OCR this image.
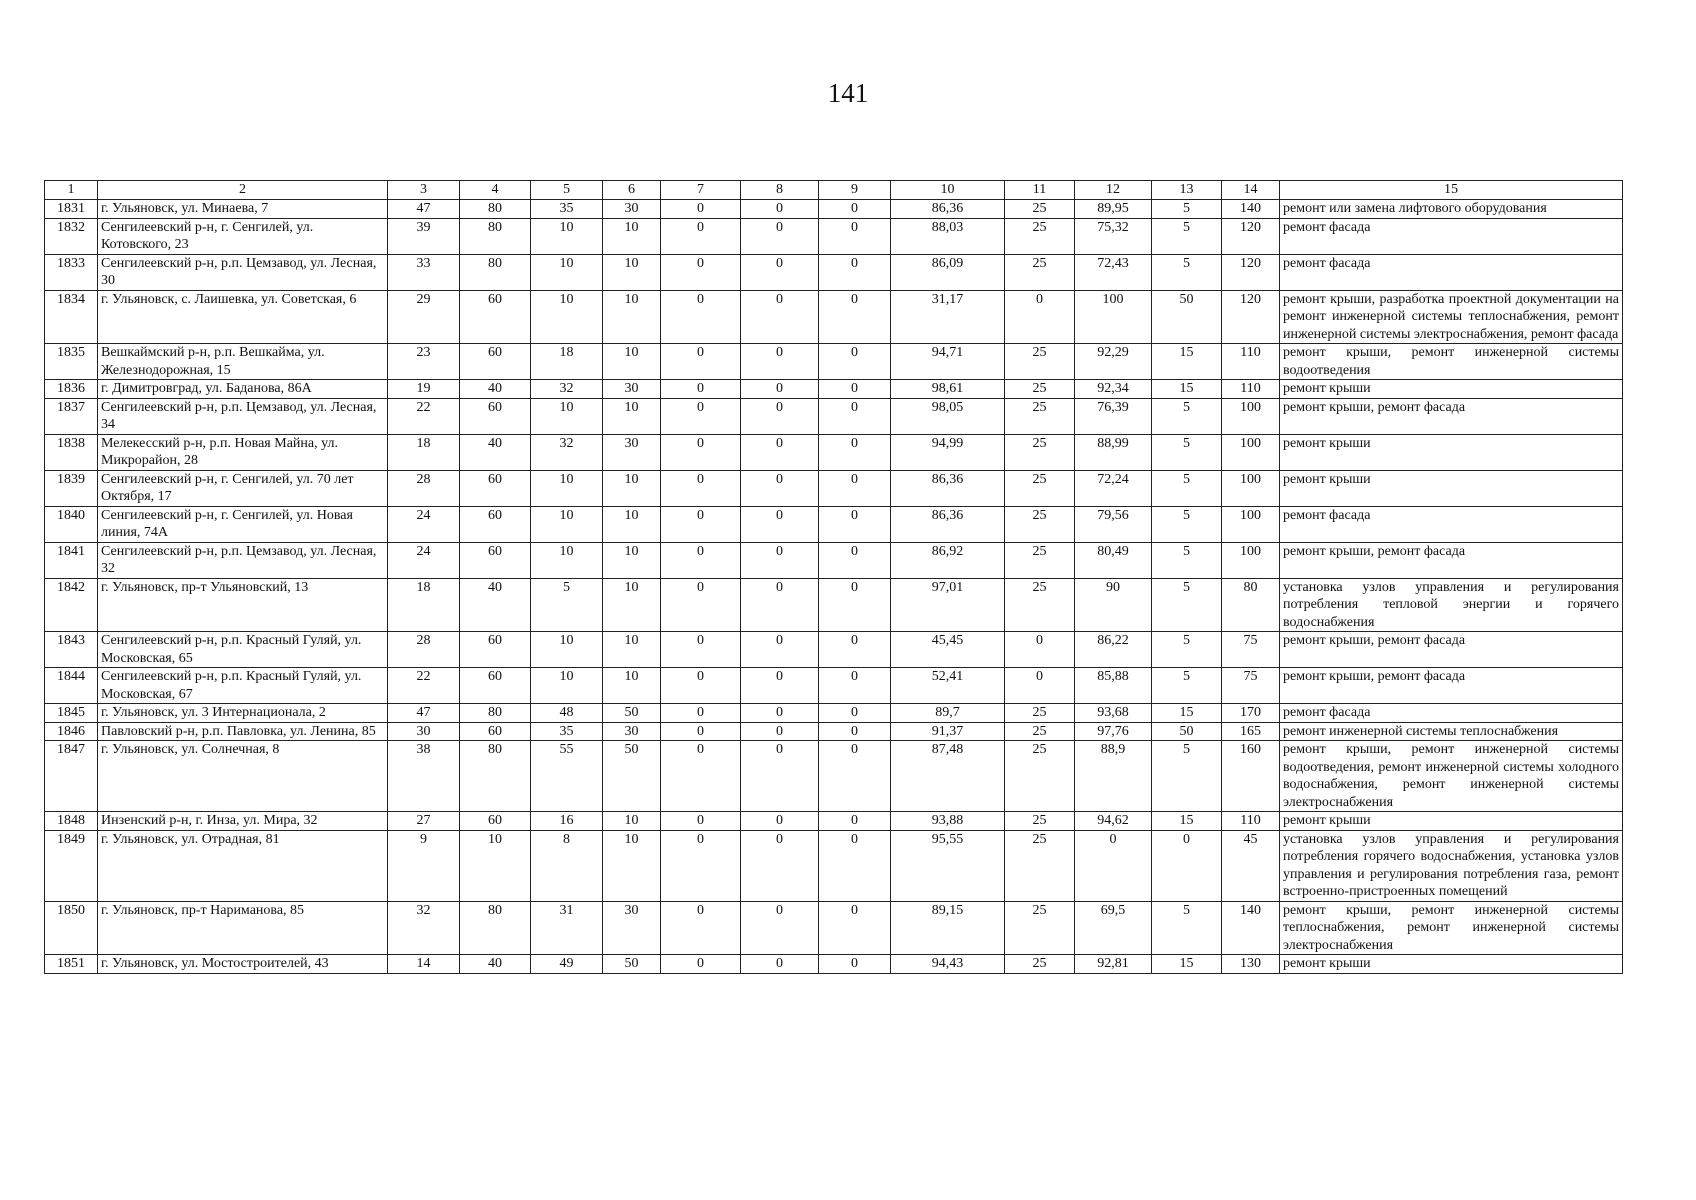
141
1	2	3	4	5	6	7	8	9	10	11	12	13	14	15
1831	г. Ульяновск, ул. Минаева, 7	47	80	35	30	0	0	0	86,36	25	89,95	5	140	ремонт или замена лифтового оборудования
1832	Сенгилеевский р-н, г. Сенгилей, ул. Котовского, 23	39	80	10	10	0	0	0	88,03	25	75,32	5	120	ремонт фасада
1833	Сенгилеевский р-н, р.п. Цемзавод, ул. Лесная, 30	33	80	10	10	0	0	0	86,09	25	72,43	5	120	ремонт фасада
1834	г. Ульяновск, с. Лаишевка, ул. Советская, 6	29	60	10	10	0	0	0	31,17	0	100	50	120	ремонт крыши, разработка проектной документации на ремонт инженерной системы теплоснабжения, ремонт инженерной системы электроснабжения, ремонт фасада
1835	Вешкаймский р-н, р.п. Вешкайма, ул. Железнодорожная, 15	23	60	18	10	0	0	0	94,71	25	92,29	15	110	ремонт крыши, ремонт инженерной системы водоотведения
1836	г. Димитровград, ул. Баданова, 86А	19	40	32	30	0	0	0	98,61	25	92,34	15	110	ремонт крыши
1837	Сенгилеевский р-н, р.п. Цемзавод, ул. Лесная, 34	22	60	10	10	0	0	0	98,05	25	76,39	5	100	ремонт крыши, ремонт фасада
1838	Мелекесский р-н, р.п. Новая Майна, ул. Микрорайон, 28	18	40	32	30	0	0	0	94,99	25	88,99	5	100	ремонт крыши
1839	Сенгилеевский р-н, г. Сенгилей, ул. 70 лет Октября, 17	28	60	10	10	0	0	0	86,36	25	72,24	5	100	ремонт крыши
1840	Сенгилеевский р-н, г. Сенгилей, ул. Новая линия, 74А	24	60	10	10	0	0	0	86,36	25	79,56	5	100	ремонт фасада
1841	Сенгилеевский р-н, р.п. Цемзавод, ул. Лесная, 32	24	60	10	10	0	0	0	86,92	25	80,49	5	100	ремонт крыши, ремонт фасада
1842	г. Ульяновск, пр-т Ульяновский, 13	18	40	5	10	0	0	0	97,01	25	90	5	80	установка узлов управления и регулирования потребления тепловой энергии и горячего водоснабжения
1843	Сенгилеевский р-н, р.п. Красный Гуляй, ул. Московская, 65	28	60	10	10	0	0	0	45,45	0	86,22	5	75	ремонт крыши, ремонт фасада
1844	Сенгилеевский р-н, р.п. Красный Гуляй, ул. Московская, 67	22	60	10	10	0	0	0	52,41	0	85,88	5	75	ремонт крыши, ремонт фасада
1845	г. Ульяновск, ул. 3 Интернационала, 2	47	80	48	50	0	0	0	89,7	25	93,68	15	170	ремонт фасада
1846	Павловский р-н, р.п. Павловка, ул. Ленина, 85	30	60	35	30	0	0	0	91,37	25	97,76	50	165	ремонт инженерной системы теплоснабжения
1847	г. Ульяновск, ул. Солнечная, 8	38	80	55	50	0	0	0	87,48	25	88,9	5	160	ремонт крыши, ремонт инженерной системы водоотведения, ремонт инженерной системы холодного водоснабжения, ремонт инженерной системы электроснабжения
1848	Инзенский р-н, г. Инза, ул. Мира, 32	27	60	16	10	0	0	0	93,88	25	94,62	15	110	ремонт крыши
1849	г. Ульяновск, ул. Отрадная, 81	9	10	8	10	0	0	0	95,55	25	0	0	45	установка узлов управления и регулирования потребления горячего водоснабжения, установка узлов управления и регулирования потребления газа, ремонт встроенно-пристроенных помещений
1850	г. Ульяновск, пр-т Нариманова, 85	32	80	31	30	0	0	0	89,15	25	69,5	5	140	ремонт крыши, ремонт инженерной системы теплоснабжения, ремонт инженерной системы электроснабжения
1851	г. Ульяновск, ул. Мостостроителей, 43	14	40	49	50	0	0	0	94,43	25	92,81	15	130	ремонт крыши
